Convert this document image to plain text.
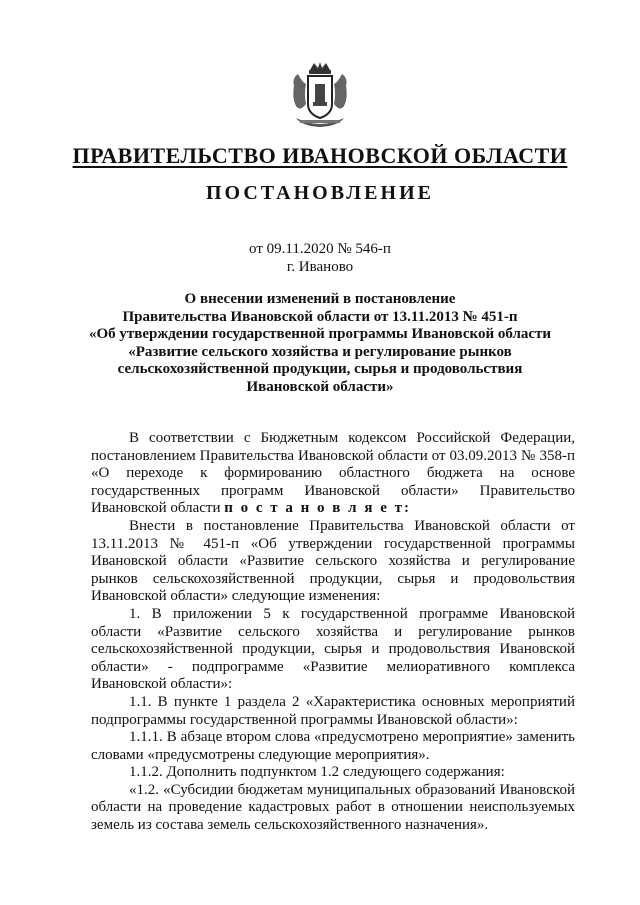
ПРАВИТЕЛЬСТВО ИВАНОВСКОЙ ОБЛАСТИ
ПОСТАНОВЛЕНИЕ
от 09.11.2020 № 546-п
г. Иваново
О внесении изменений в постановление
Правительства Ивановской области от 13.11.2013 № 451-п
«Об утверждении государственной программы Ивановской области
«Развитие сельского хозяйства и регулирование рынков
сельскохозяйственной продукции, сырья и продовольствия
Ивановской области»

В соответствии с Бюджетным кодексом Российской Федерации, постановлением Правительства Ивановской области от 03.09.2013 № 358-п «О переходе к формированию областного бюджета на основе государственных программ Ивановской области» Правительство Ивановской области п о с т а н о в л я е т:

Внести в постановление Правительства Ивановской области от 13.11.2013 № 451-п «Об утверждении государственной программы Ивановской области «Развитие сельского хозяйства и регулирование рынков сельскохозяйственной продукции, сырья и продовольствия Ивановской области» следующие изменения:

1. В приложении 5 к государственной программе Ивановской области «Развитие сельского хозяйства и регулирование рынков сельскохозяйственной продукции, сырья и продовольствия Ивановской области» - подпрограмме «Развитие мелиоративного комплекса Ивановской области»:

1.1. В пункте 1 раздела 2 «Характеристика основных мероприятий подпрограммы государственной программы Ивановской области»:

1.1.1. В абзаце втором слова «предусмотрено мероприятие» заменить словами «предусмотрены следующие мероприятия».

1.1.2. Дополнить подпунктом 1.2 следующего содержания:

«1.2. «Субсидии бюджетам муниципальных образований Ивановской области на проведение кадастровых работ в отношении неиспользуемых земель из состава земель сельскохозяйственного назначения».
